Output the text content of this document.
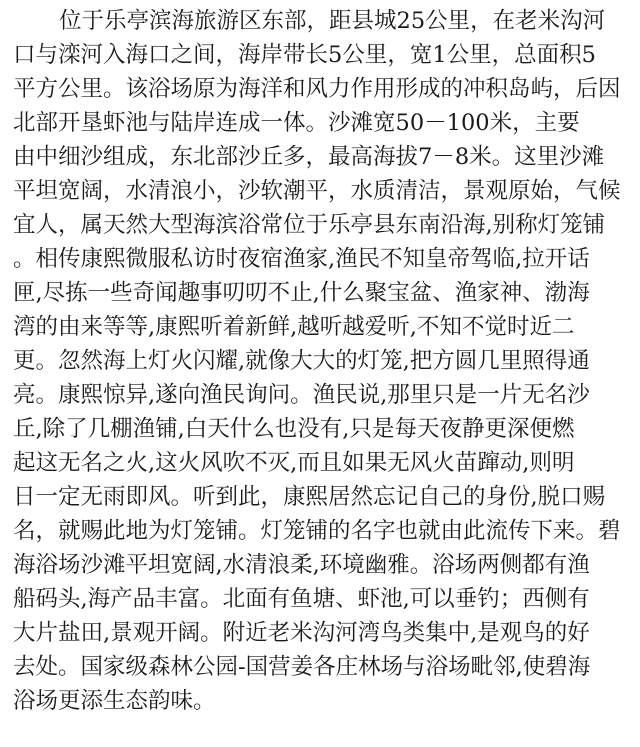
位于乐亭滨海旅游区东部，距县城25公里，在老米沟河
口与滦河入海口之间，海岸带长5公里，宽1公里，总面积5
平方公里。该浴场原为海洋和风力作用形成的冲积岛屿，后因
北部开垦虾池与陆岸连成一体。沙滩宽50－100米，主要
由中细沙组成，东北部沙丘多，最高海拔7－8米。这里沙滩
平坦宽阔，水清浪小，沙软潮平，水质清洁，景观原始，气候
宜人，属天然大型海滨浴常位于乐亭县东南沿海,别称灯笼铺
。相传康熙微服私访时夜宿渔家,渔民不知皇帝驾临,拉开话
匣,尽拣一些奇闻趣事叨叨不止,什么聚宝盆、渔家神、渤海
湾的由来等等,康熙听着新鲜,越听越爱听,不知不觉时近二
更。忽然海上灯火闪耀,就像大大的灯笼,把方圆几里照得通
亮。康熙惊异,遂向渔民询问。渔民说,那里只是一片无名沙
丘,除了几棚渔铺,白天什么也没有,只是每天夜静更深便燃
起这无名之火,这火风吹不灭,而且如果无风火苗蹿动,则明
日一定无雨即风。听到此，康熙居然忘记自己的身份,脱口赐
名，就赐此地为灯笼铺。灯笼铺的名字也就由此流传下来。碧
海浴场沙滩平坦宽阔,水清浪柔,环境幽雅。浴场两侧都有渔
船码头,海产品丰富。北面有鱼塘、虾池,可以垂钓；西侧有
大片盐田,景观开阔。附近老米沟河湾鸟类集中,是观鸟的好
去处。国家级森林公园-国营姜各庄林场与浴场毗邻,使碧海
浴场更添生态韵味。
